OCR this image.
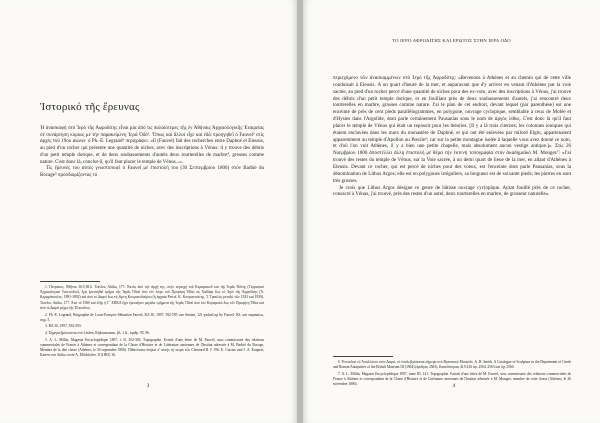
Ἱστορικό τῆς ἔρευνας

Ἡ ἀνασκαφή στό Ἱερό τῆς Ἀφροδίτης εἶναι μία ἀπό τις παλαιότερες τῆς ἐν Ἀθήναις Ἀρχαιολογικῆς Ἑταιρείας σέ συνάρτηση κυρίως μέ τήν παρακείμενη Ἱερά Ὁδό¹. Ὅπως καί ἄλλοί εἶχε καί ἐδῶ προηγηθεῖ ὁ Fauvel² στίς ἀρχές τοῦ 19ου αἰώνα· ὁ Ph.-E. Legrand³ περιγράφει: «Il (Fauvel) fait des recherches entre Daphné et Eleusis, au pied d'un rocher qui présente une quantité de niches, avec des inscriptions à Vénus: il y trouve des débris d'un petit temple dorique, et de deux soubassements d'autels deux tourterelles de marbre⁴, grosses comme nature. C'est donc là, conclut-il, qu'il faut placer le temple de Vénus...».

Τίς ἔρευνές του αὐτές γνωστοποιεῖ ὁ Fauvel μέ ἐπιστολή του (30 Σεπτεμβρίου 1806) στόν Barbié du Bocage⁵ προσδιορίζοντας τό

1. Πετράκος, Ἀθῆναι 36.3-38.6. Travlos, Attika, 177: Ἐκτός ἀπό τήν ἀρχή της, στήν περιοχή τοῦ Κεραμεικοῦ καί τῆς Ἱερᾶς Πύλης (Γερμανικό Ἀρχαιολογικό Ἰνστιτοῦτο), ἔχει ἐρευνηθεῖ τμῆμα τῆς Ἱερᾶς Ὁδοῦ ἀπό τόν λόφο τοῦ Προφήτη Ἠλία ὡς Χαϊδάρι ἕως τό Ἱερό τῆς Ἀφροδίτης (Ἀ. Κεραμόπουλος, 1891-1892) καί ἀπό τό Δαφνί ἕως τή λίμνη Κουμουνδούρου (ἡ ἀρχαία Ρειτοί. Κ. Κουρουνιώτης, Ἰ. Τραυλός μεταξύ τῶν 1932 καί 1939). Travlos, Attika, 177. Ἀπό τό 1960 καί ἑξῆς ἡ Γ´ ΕΠΚΑ ἔχει ἐρευνήσει μεγάλα τμήματα τῆς Ἱερᾶς Ὁδοῦ ἀπό τόν Κεραμεικό ἕως τόν Προφήτη Ἠλία καί ἀπό τό Δαφνί μέχρι τῆς Ἐλευσῖνος.

2. Ph.-E. Legrand, Biographie de Louis-François-Sébastien Fauvel, RA 30, 1897, 592-595 van Straten, 121-picked up by Fauvel- Βλ. καί παρακάτω, σημ. 5.

3. RA 30, 1897, 592-593.

4. Σήμερα βρίσκονται στό Leiden, Rijksmuseum, βλ. 1.Δ., ἀριθμ. 95, 96.

5. A. L. Millin, Magasin Encyclopédique 1807, t. II, 302-303: Topographie. Extrait d'une lettre de M. Fauvel, sous commissaire des relations commerciales de France à Athènes et correspondant de la Classe d'Histoire et de Littérature anciennes de l'Institut adressée à M. Barbié du Bocage, Membre de la dite classe (Athènes, le 30 septembre 1806). Πιθανότατα ἀνήκει σ' αὐτήν τή σειρά τῶν Cleonard II 1² 196: Ε. Curtius und J. A. Kaupert, Karten von Attika, texte A. Milchhöfer, II (1883) 16.

3

ΤΟ ΙΕΡΟ ΑΦΡΟΔΙΤΗΣ ΚΑΙ ΕΡΩΤΟΣ ΣΤΗΝ ΙΕΡΑ ΟΔΟ

περιεχόμενο τῶν ἀνασκαμμένων στό Ἱερό τῆς Ἀφροδίτης: «Revenons à Athènes et au chemin qui de cette ville conduisait à Eleusis. A un quart d'heure de la mer, et auparavant que d'y arriver en venant d'Athènes par la voie sacrée, au pied d'un rocher percé d'une quantité de niches pour des ex-voto, avec des inscriptions à Vénus, j'ai trouvé des débris d'un petit temple dorique, et en fouillant près de deux soubassements d'autels, j'ai rencontré deux tourterelles en marbre, grosses comme nature. J'ai le plan de cet endroit, devant lequel (par parenthèse) est une enceinte de près de cent pieds parallélogrammes, en polygone, ouvrage cyclopique, semblable à ceux de Molée et d'Hysies dans l'Argolide, dont parle certainement Pausanias sous le nom de ἀργὸς λίθος. C'est donc là qu'il faut placer le temple de Vénus qui était un reposoir pour les théories. [Il y a là trois citernes; les colonnes ioniques qui étaient enclavées dans les murs du monastère de Daphné, et qui ont été enlevées par milord Elgin, appartenaient apparemment au temple d'Apollon au Pœcile⁶; car sur la petite montagne isolée à laquelle vous avez donné ce nom, et d'où l'on voit Athènes, il y a bien une petite chapelle, mais absolument aucun vestige antique.]». Στίς 26 Νοεμβρίου 1806 ἀποστέλλει ἄλλη ἐπιστολή μέ θέμα τήν ἐκτενή τοπογραφία στόν ἀκαδημαϊκό M. Mongez⁷: «J'ai trouvé des restes du temple de Vénus, sur la Voie sacrée, à un demi quart de lieue de la mer, en allant d'Athènes à Eleusis. Devant ce rocher, qui est percé de niches pour des voeux, est l'enceinte dont parle Pausanias, sous la dénomination de Lithos Argos; elle est en polygones irréguliers, sa longueur est de soixante pieds; les pierres en sont très grosses.

Je crois que Lithos Argos désigne ce genre de bâtisse ouvrage cyclopique. Ayant fouillé près de ce rocher, consacré à Vénus, j'ai trouvé, près des restes d'un autel, deux tourterelles en marbre, de grosseur naturelle».

6. Ἐννοεῖται τό Ἀπολλώνιο στόν Δαφνί, τό ὁποῖο βρίσκεται σήμερα στό Βρετανικό Μουσεῖο. A. H. Smith, A Catalogue of Sculpture in the Department of Greek and Roman Antiquities of the British Museum III (1904) (ἀριθμός 2563), Καποδίστριας 415-416 ἀρ. 2564. 2563 καί ὅχι 2560.

7. A. L. Millin, Magasin Encyclopédique 1807, tome III, 141. Topographie. Extrait d'une lettre de M. Fauvel, sous commissaire des relations commerciales de France à Athènes et correspondant de la Classe d'Histoire et de Littérature anciennes de l'Institut adressée à M. Mongez, membre de cette classe (Athènes, le 26 novembre 1806).	4
